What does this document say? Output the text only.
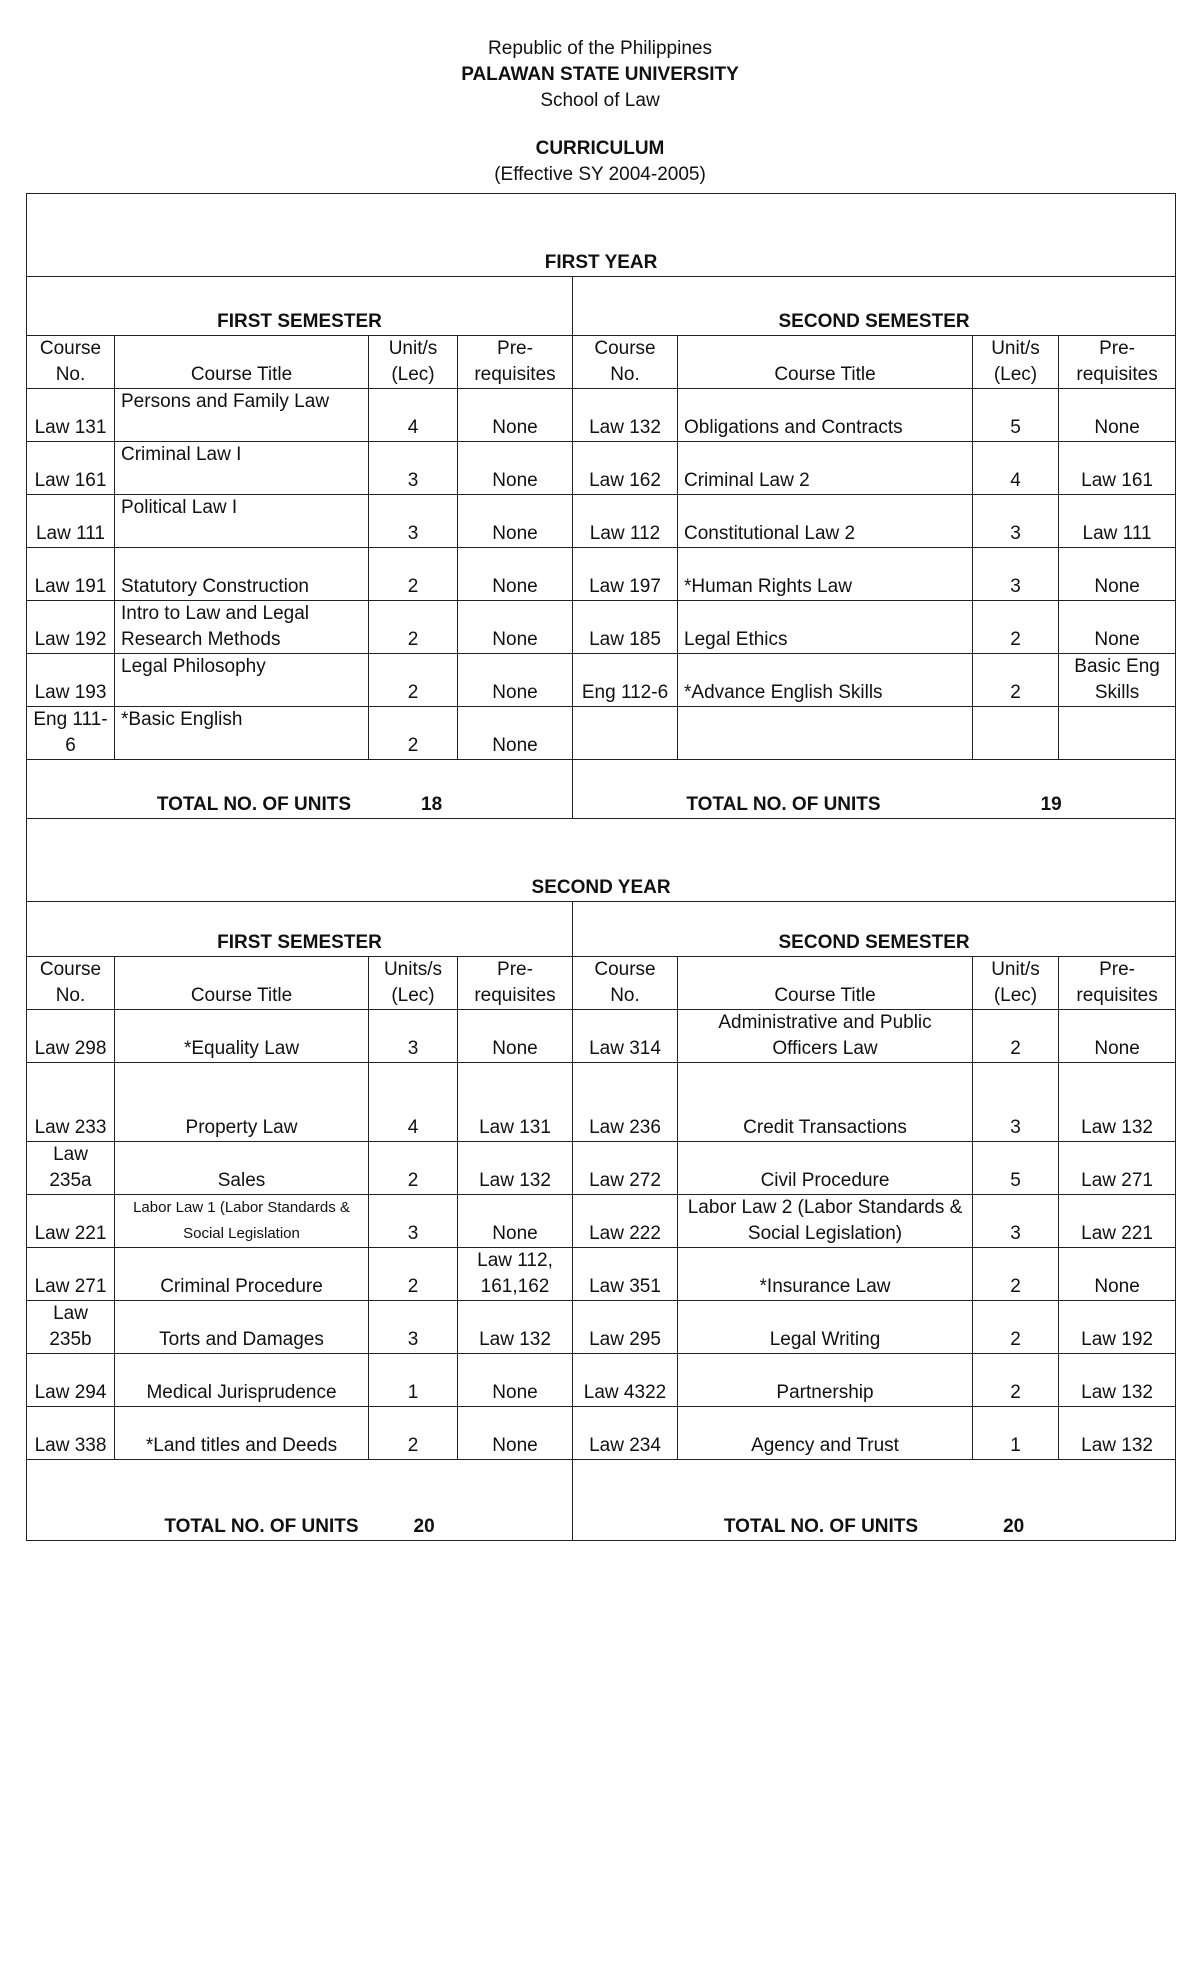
Republic of the Philippines
PALAWAN STATE UNIVERSITY
School of Law
CURRICULUM
(Effective SY 2004-2005)
FIRST YEAR							
FIRST SEMESTER				SECOND SEMESTER			
Course No.	Course Title	Unit/s (Lec)	Pre-requisites	Course No.	Course Title	Unit/s (Lec)	Pre-requisites
Law 131	Persons and Family Law	4	None	Law 132	Obligations and Contracts	5	None
Law 161	Criminal Law I	3	None	Law 162	Criminal Law 2	4	Law 161
Law 111	Political Law I	3	None	Law 112	Constitutional Law 2	3	Law 111
Law 191	Statutory Construction	2	None	Law 197	*Human Rights Law	3	None
Law 192	Intro to Law and Legal Research Methods	2	None	Law 185	Legal Ethics	2	None
Law 193	Legal Philosophy	2	None	Eng 112-6	*Advance English Skills	2	Basic Eng Skills
Eng 111-6	*Basic English	2	None				

TOTAL NO. OF UNITS 18				TOTAL NO. OF UNITS 19			

SECOND YEAR							
FIRST SEMESTER				SECOND SEMESTER			
Course No.	Course Title	Units/s (Lec)	Pre-requisites	Course No.	Course Title	Unit/s (Lec)	Pre-requisites
Law 298	*Equality Law	3	None	Law 314	Administrative and Public Officers Law	2	None
Law 233	Property Law	4	Law 131	Law 236	Credit Transactions	3	Law 132
Law 235a	Sales	2	Law 132	Law 272	Civil Procedure	5	Law 271
Law 221	Labor Law 1 (Labor Standards & Social Legislation	3	None	Law 222	Labor Law 2 (Labor Standards & Social Legislation)	3	Law 221
Law 271	Criminal Procedure	2	Law 112, 161,162	Law 351	*Insurance Law	2	None
Law 235b	Torts and Damages	3	Law 132	Law 295	Legal Writing	2	Law 192
Law 294	Medical Jurisprudence	1	None	Law 4322	Partnership	2	Law 132
Law 338	*Land titles and Deeds	2	None	Law 234	Agency and Trust	1	Law 132

TOTAL NO. OF UNITS 20				TOTAL NO. OF UNITS 20			
